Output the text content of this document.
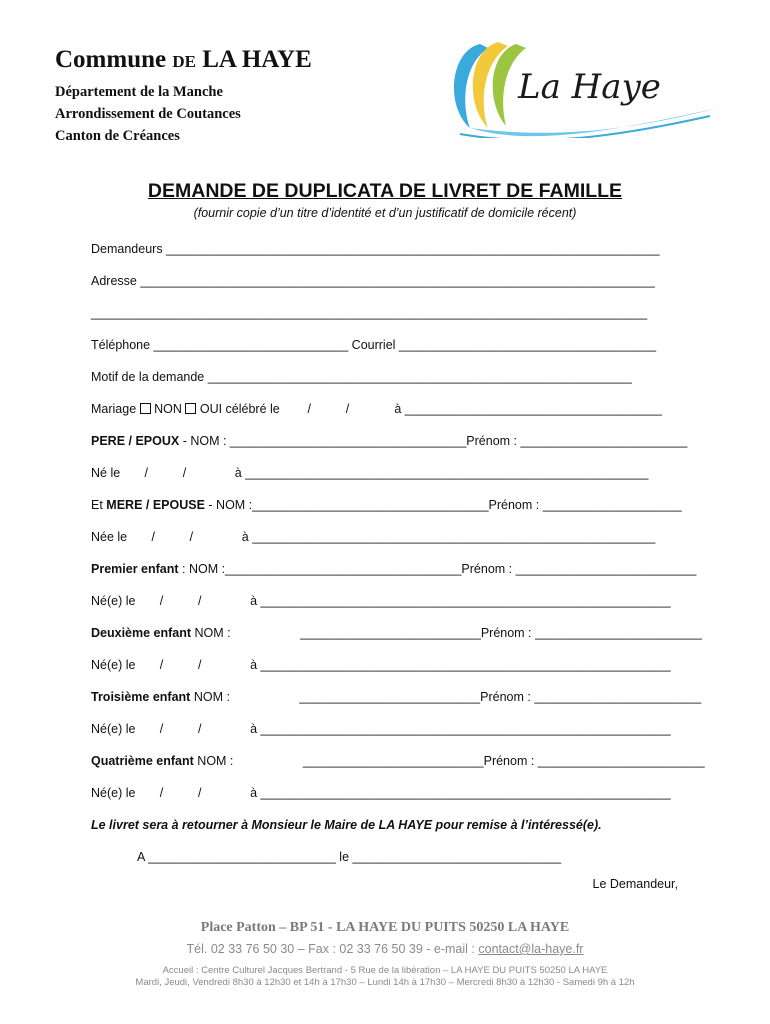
Commune DE LA HAYE
Département de la Manche
Arrondissement de Coutances
Canton de Créances
La Haye
DEMANDE DE DUPLICATA DE LIVRET DE FAMILLE
(fournir copie d’un titre d’identité et d’un justificatif de domicile récent)
Demandeurs _______________________________________________________________________
Adresse __________________________________________________________________________
________________________________________________________________________________
Téléphone ____________________________ Courriel _____________________________________
Motif de la demande _____________________________________________________________
Mariage  NON  OUI célébré le        /          /             à _____________________________________
PERE / EPOUX - NOM : __________________________________Prénom : ________________________
Né le       /          /              à __________________________________________________________
Et MERE / EPOUSE - NOM :__________________________________Prénom : ____________________
Née le       /          /              à __________________________________________________________
Premier enfant : NOM :__________________________________Prénom : __________________________
Né(e) le       /          /              à ___________________________________________________________
Deuxième enfant NOM :                    __________________________Prénom : ________________________
Né(e) le       /          /              à ___________________________________________________________
Troisième enfant NOM :                    __________________________Prénom : ________________________
Né(e) le       /          /              à ___________________________________________________________
Quatrième enfant NOM :                    __________________________Prénom : ________________________
Né(e) le       /          /              à ___________________________________________________________
Le livret sera à retourner à Monsieur le Maire de LA HAYE pour remise à l’intéressé(e).
A ___________________________ le ______________________________
Le Demandeur,
Place Patton – BP 51 - LA HAYE DU PUITS 50250 LA HAYE
Tél. 02 33 76 50 30 – Fax : 02 33 76 50 39 - e-mail : contact@la-haye.fr
Accueil : Centre Culturel Jacques Bertrand - 5 Rue de la libération – LA HAYE DU PUITS 50250 LA HAYE
Mardi, Jeudi, Vendredi 8h30 à 12h30 et 14h à 17h30 – Lundi 14h à 17h30 – Mercredi 8h30 à 12h30 - Samedi 9h à 12h
